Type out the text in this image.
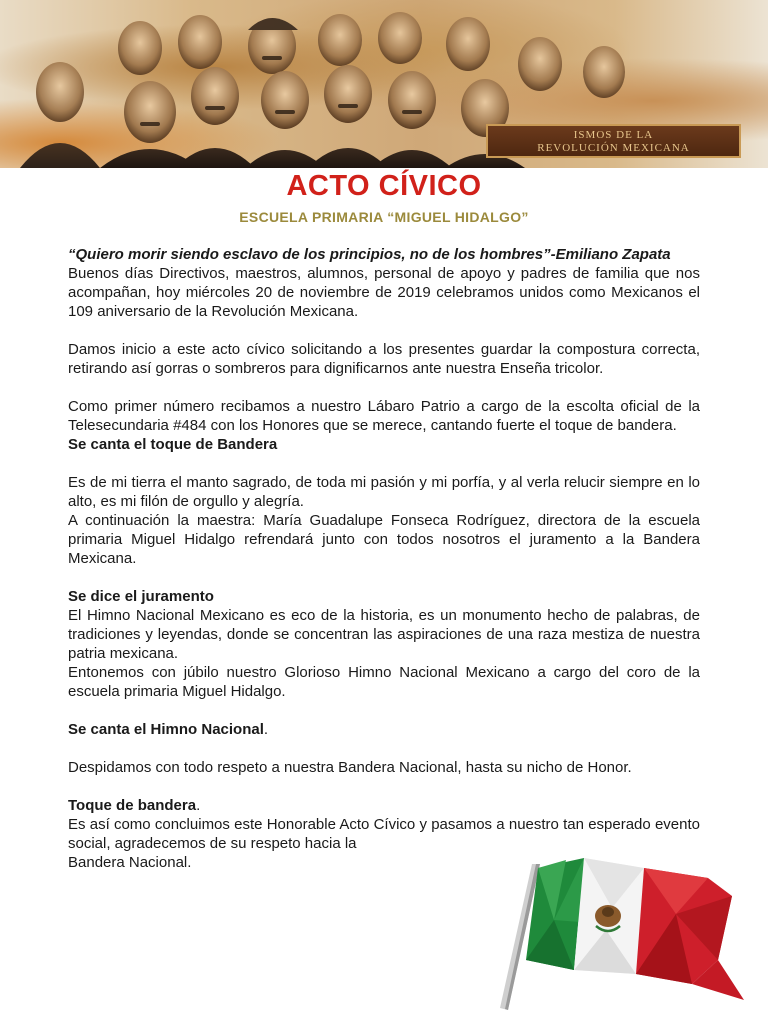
ISMOS DE LA
REVOLUCIÓN MEXICANA
ACTO CÍVICO
ESCUELA PRIMARIA “MIGUEL HIDALGO”

“Quiero morir siendo esclavo de los principios, no de los hombres”-Emiliano Zapata

Buenos días Directivos, maestros, alumnos, personal de apoyo y padres de familia que nos acompañan, hoy miércoles 20 de noviembre de 2019 celebramos unidos como Mexicanos el 109 aniversario de la Revolución Mexicana.

Damos inicio a este acto cívico solicitando a los presentes guardar la compostura correcta, retirando así gorras o sombreros para dignificarnos ante nuestra Enseña tricolor.

Como primer número recibamos a nuestro Lábaro Patrio a cargo de la escolta oficial de la Telesecundaria #484 con los Honores que se merece, cantando fuerte el toque de bandera.

Se canta el toque de Bandera

Es de mi tierra el manto sagrado, de toda mi pasión y mi porfía, y al verla relucir siempre en lo alto, es mi filón de orgullo y alegría.

A continuación la maestra: María Guadalupe Fonseca Rodríguez, directora de la escuela primaria Miguel Hidalgo refrendará junto con todos nosotros el juramento a la Bandera Mexicana.

Se dice el juramento

El Himno Nacional Mexicano es eco de la historia, es un monumento hecho de palabras, de tradiciones y leyendas, donde se concentran las aspiraciones de una raza mestiza de nuestra patria mexicana.

Entonemos con júbilo nuestro Glorioso Himno Nacional Mexicano a cargo del coro de la escuela primaria Miguel Hidalgo.

Se canta el Himno Nacional.

Despidamos con todo respeto a nuestra Bandera Nacional, hasta su nicho de Honor.

Toque de bandera.

Es así como concluimos este Honorable Acto Cívico y pasamos a nuestro tan esperado evento social, agradecemos de su respeto hacia la

Bandera Nacional.
